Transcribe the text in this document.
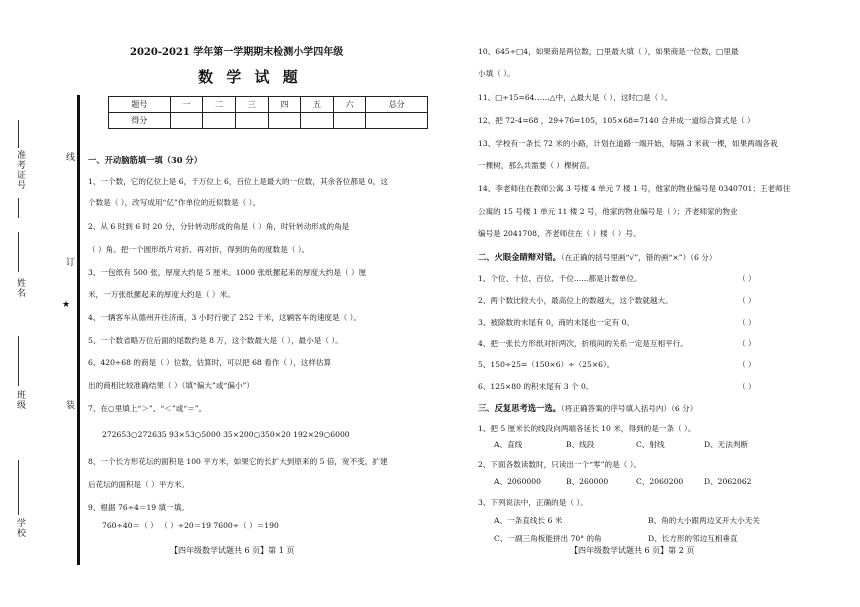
准考证号
姓名
班级
学校
线
订
★
装
2020-2021 学年第一学期期末检测小学四年级
数 学 试 题
题号	一	二	三	四	五	六	总分
得分							
一、开动脑筋填一填（30 分）
1、一个数，它的亿位上是 6，千万位上 6，百位上是最大的一位数，其余各位都是 0，这
个数是（ ），改写成用“亿”作单位的近似数是（ ）。
2、从 6 时到 6 时 20 分，分针转动形成的角是（ ）角，时针转动形成的角是
（ ）角。把一个圆形纸片对折、再对折，得到的角的度数是（ ）。
3、一包纸有 500 张，厚度大约是 5 厘米。1000 张纸摞起来的厚度大约是（ ）厘
米，一万张纸摞起来的厚度大约是（ ）米。
4、一辆客车从德州开往济南，3 小时行驶了 252 千米，这辆客车的速度是（ ）。
5、一个数省略万位后面的尾数约是 8 万，这个数最大是（ ），最小是（ ）。
6、420÷68 的商是（ ）位数，估算时，可以把 68 看作（ ），这样估算
出的商相比较准确结果（ ）（填“偏大”或“偏小”）
7、在○里填上“＞”、“＜”或“＝”。
272653○272635 93×53○5000 35×200○350×20 192×29○6000
8、一个长方形花坛的面积是 100 平方米，如果它的长扩大到原来的 5 倍，宽不变，扩建
后花坛的面积是（ ）平方米。
9、根据 76÷4＝19 填一填。
760÷40＝（ ） （ ）÷20＝19 7600÷（ ）＝190
【四年级数学试题共 6 页】第 1 页
10、645÷□4，如果商是两位数，□里最大填（ ），如果商是一位数，□里最
小填（ ）。
11、□÷15=64……△中，△最大是（ ），这时□是（ ）。
12、把 72-4=68 ，29+76=105，105×68=7140 合并成一道综合算式是（ ）
13、学校有一条长 72 米的小路，计划在道路一端开始，每隔 3 米栽一棵，如果两端各栽
一棵树，那么共需要（ ）棵树苗。
14、李老师住在教师公寓 3 号楼 4 单元 7 楼 1 号，他家的物业编号是 0340701；王老师住
公寓的 15 号楼 1 单元 11 楼 2 号，他家的物业编号是（ ）；齐老师家的物业
编号是 2041708，齐老师住在（ ）楼（ ）号。
二、火眼金睛辩对错。（在正确的括号里画“√”，错的画“×”）（6 分）
1、个位、十位、百位、千位......都是计数单位。	（ ）
2、两个数比较大小，最高位上的数越大，这个数就越大。	（ ）
3、被除数的末尾有 0，商的末尾也一定有 0。	（ ）
4、把一张长方形纸对折两次，折痕间的关系一定是互相平行。	（ ）
5、150÷25=（150×6）÷（25×6）。	（ ）
6、125×80 的积末尾有 3 个 0。	（ ）
三、反复思考选一选。（将正确答案的序号填入括号内）（6 分）
1、把 5 厘米长的线段向两端各延长 10 米，得到的是一条（ ）。
A、直线	B、线段	C、射线	D、无法判断
2、下面各数读数时，只读出一个“零”的是（ ）。
A、2060000	B、260000	C、2060200	D、2062062
3、下列说法中，正确的是（ ）。
A、一条直线长 6 米	B、角的大小跟两边叉开大小无关
C、一副三角板能拼出 70° 的角	D、长方形的邻边互相垂直
【四年级数学试题共 6 页】第 2 页
